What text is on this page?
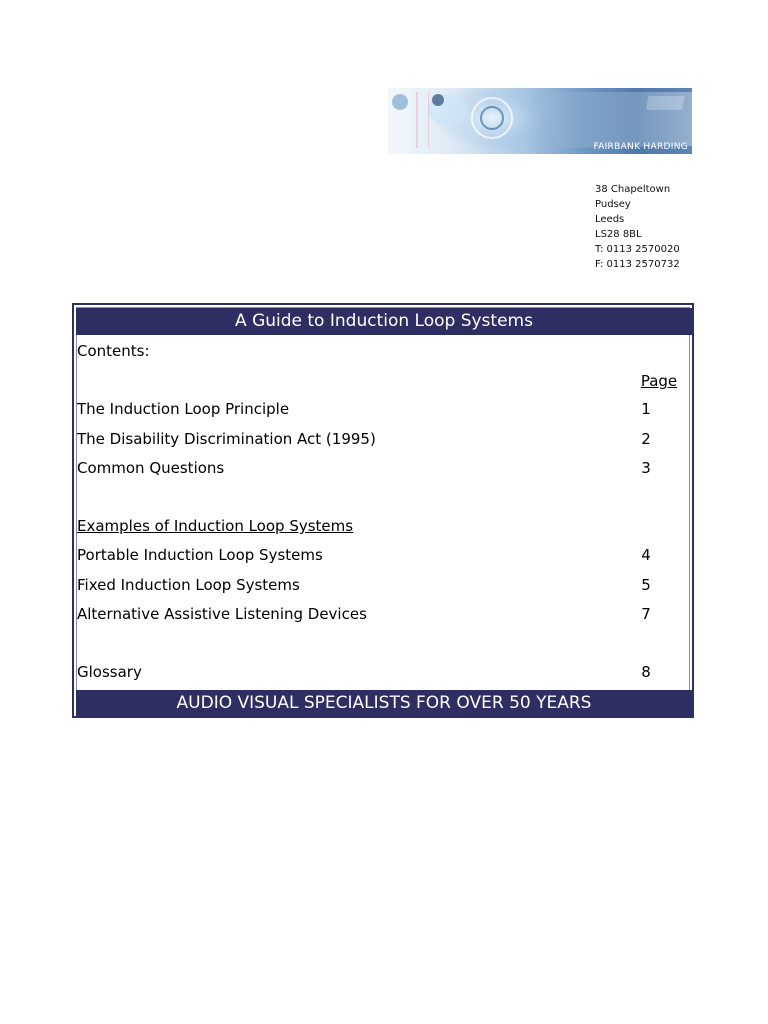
FAIRBANK HARDING
38 Chapeltown
Pudsey
Leeds
LS28 8BL
T: 0113 2570020
F: 0113 2570732
A Guide to Induction Loop Systems
Contents:
Page
The Induction Loop Principle	1
The Disability Discrimination Act (1995)	2
Common Questions	3
Examples of Induction Loop Systems
Portable Induction Loop Systems	4
Fixed Induction Loop Systems	5
Alternative Assistive Listening Devices	7
Glossary	8
AUDIO VISUAL SPECIALISTS FOR OVER 50 YEARS
